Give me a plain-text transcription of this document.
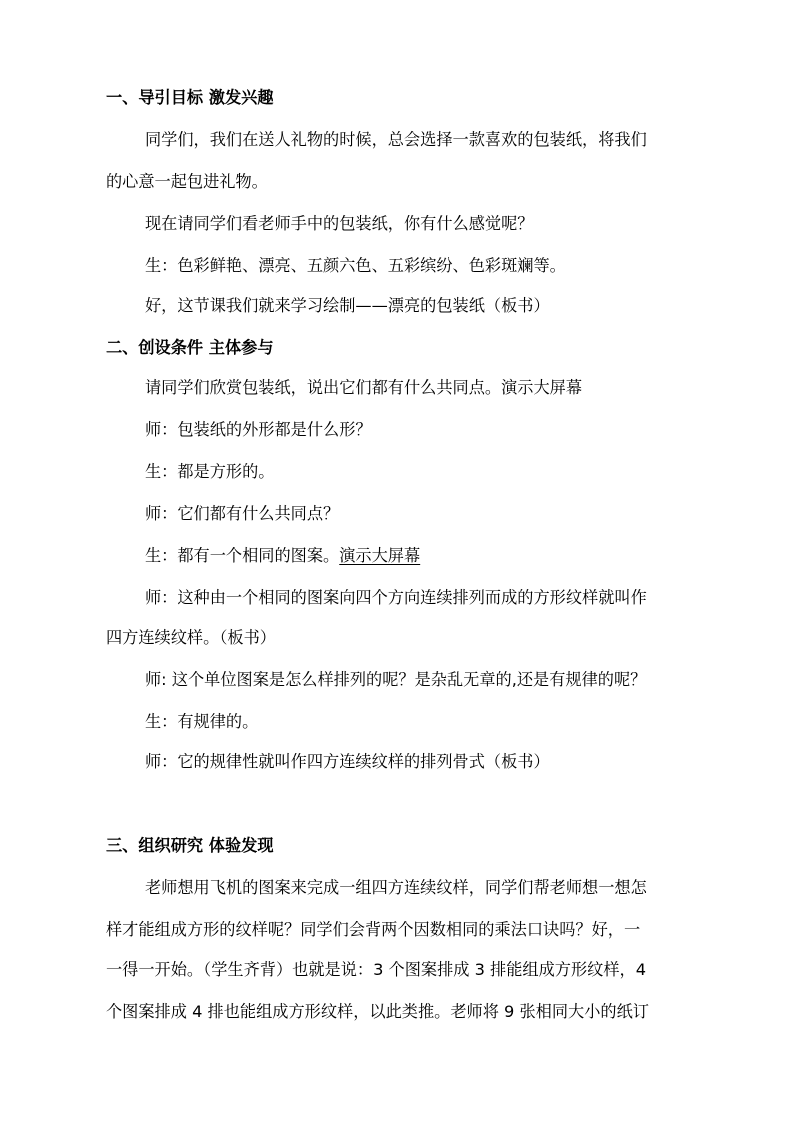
一、导引目标 激发兴趣
同学们，我们在送人礼物的时候，总会选择一款喜欢的包装纸，将我们
的心意一起包进礼物。
现在请同学们看老师手中的包装纸，你有什么感觉呢？
生：色彩鲜艳、漂亮、五颜六色、五彩缤纷、色彩斑斓等。
好，这节课我们就来学习绘制——漂亮的包装纸（板书）
二、创设条件 主体参与
请同学们欣赏包装纸，说出它们都有什么共同点。演示大屏幕
师：包装纸的外形都是什么形？
生：都是方形的。
师：它们都有什么共同点？
生：都有一个相同的图案。演示大屏幕
师：这种由一个相同的图案向四个方向连续排列而成的方形纹样就叫作
四方连续纹样。（板书）
师: 这个单位图案是怎么样排列的呢？是杂乱无章的,还是有规律的呢？
生：有规律的。
师：它的规律性就叫作四方连续纹样的排列骨式（板书）
三、组织研究 体验发现
老师想用飞机的图案来完成一组四方连续纹样，同学们帮老师想一想怎
样才能组成方形的纹样呢？同学们会背两个因数相同的乘法口诀吗？好，一
一得一开始。（学生齐背）也就是说：3 个图案排成 3 排能组成方形纹样，4
个图案排成 4 排也能组成方形纹样，以此类推。老师将 9 张相同大小的纸订
